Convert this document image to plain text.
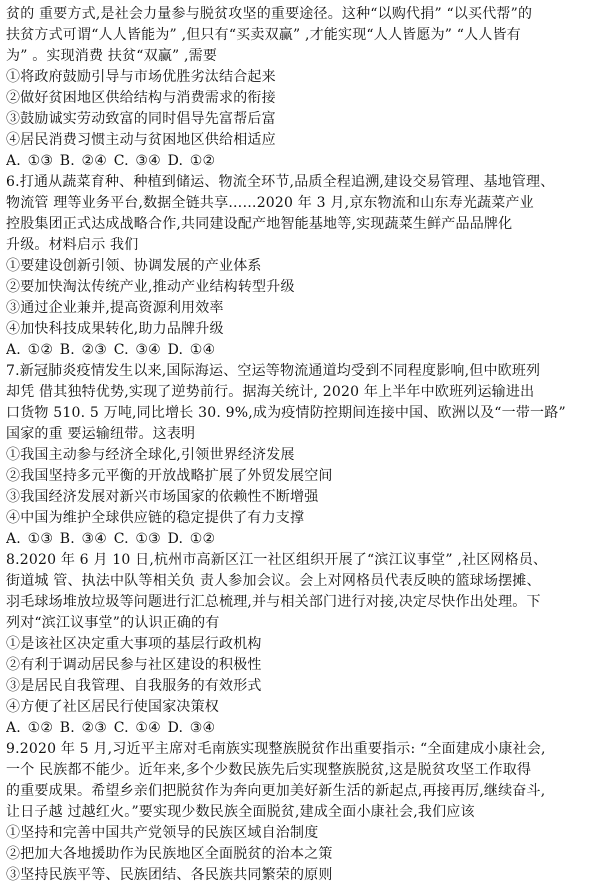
贫的 重要方式,是社会力量参与脱贫攻坚的重要途径。这种“以购代捐” “以买代帮”的
扶贫方式可谓“人人皆能为” ,但只有“买卖双赢” ,才能实现“人人皆愿为” “人人皆有
为” 。实现消费 扶贫“双赢” ,需要
①将政府鼓励引导与市场优胜劣汰结合起来
②做好贫困地区供给结构与消费需求的衔接
③鼓励诚实劳动致富的同时倡导先富帮后富
④居民消费习惯主动与贫困地区供给相适应
A. ①③ B. ②④ C. ③④ D. ①②
6.打通从蔬菜育种、种植到储运、物流全环节,品质全程追溯,建设交易管理、基地管理、
物流管 理等业务平台,数据全链共享……2020 年 3 月,京东物流和山东寿光蔬菜产业
控股集团正式达成战略合作,共同建设配产地智能基地等,实现蔬菜生鲜产品品牌化
升级。材料启示 我们
①要建设创新引领、协调发展的产业体系
②要加快淘汰传统产业,推动产业结构转型升级
③通过企业兼并,提高资源利用效率
④加快科技成果转化,助力品牌升级
A. ①② B. ②③ C. ③④ D. ①④
7.新冠肺炎疫情发生以来,国际海运、空运等物流通道均受到不同程度影响,但中欧班列
却凭 借其独特优势,实现了逆势前行。据海关统计, 2020 年上半年中欧班列运输进出
口货物 510. 5 万吨,同比增长 30. 9%,成为疫情防控期间连接中国、欧洲以及“一带一路”
国家的重 要运输纽带。这表明
①我国主动参与经济全球化,引领世界经济发展
②我国坚持多元平衡的开放战略扩展了外贸发展空间
③我国经济发展对新兴市场国家的依赖性不断增强
④中国为维护全球供应链的稳定提供了有力支撑
A. ①③ B. ③④ C. ①③ D. ①②
8.2020 年 6 月 10 日,杭州市高新区江一社区组织开展了“滨江议事堂” ,社区网格员、
街道城 管、执法中队等相关负 责人参加会议。会上对网格员代表反映的篮球场摆摊、
羽毛球场堆放垃圾等问题进行汇总梳理,并与相关部门进行对接,决定尽快作出处理。下
列对“滨江议事堂”的认识正确的有
①是该社区决定重大事项的基层行政机构
②有利于调动居民参与社区建设的积极性
③是居民自我管理、自我服务的有效形式
④方便了社区居民行使国家决策权
A. ①② B. ②③ C. ①④ D. ③④
9.2020 年 5 月,习近平主席对毛南族实现整族脱贫作出重要指示: “全面建成小康社会,
一个 民族都不能少。近年来,多个少数民族先后实现整族脱贫,这是脱贫攻坚工作取得
的重要成果。希望乡亲们把脱贫作为奔向更加美好新生活的新起点,再接再厉,继续奋斗,
让日子越 过越红火。”要实现少数民族全面脱贫,建成全面小康社会,我们应该
①坚持和完善中国共产党领导的民族区域自治制度
②把加大各地援助作为民族地区全面脱贫的治本之策
③坚持民族平等、民族团结、各民族共同繁荣的原则
